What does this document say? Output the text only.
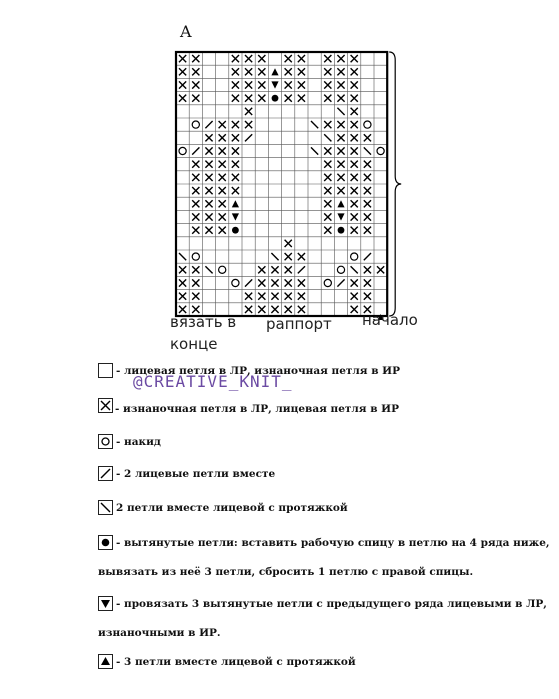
A
вязать в
конце
раппорт начало
@CREATIVE_KNIT_
- лицевая петля в ЛР, изнаночная петля в ИР
- изнаночная петля в ЛР, лицевая петля в ИР
- накид
- 2 лицевые петли вместе
2 петли вместе лицевой с протяжкой
- вытянутые петли: вставить рабочую спицу в петлю на 4 ряда ниже,
вывязать из неё 3 петли, сбросить 1 петлю с правой спицы.
- провязать 3 вытянутые петли с предыдущего ряда лицевыми в ЛР,
изнаночными в ИР.
- 3 петли вместе лицевой с протяжкой
